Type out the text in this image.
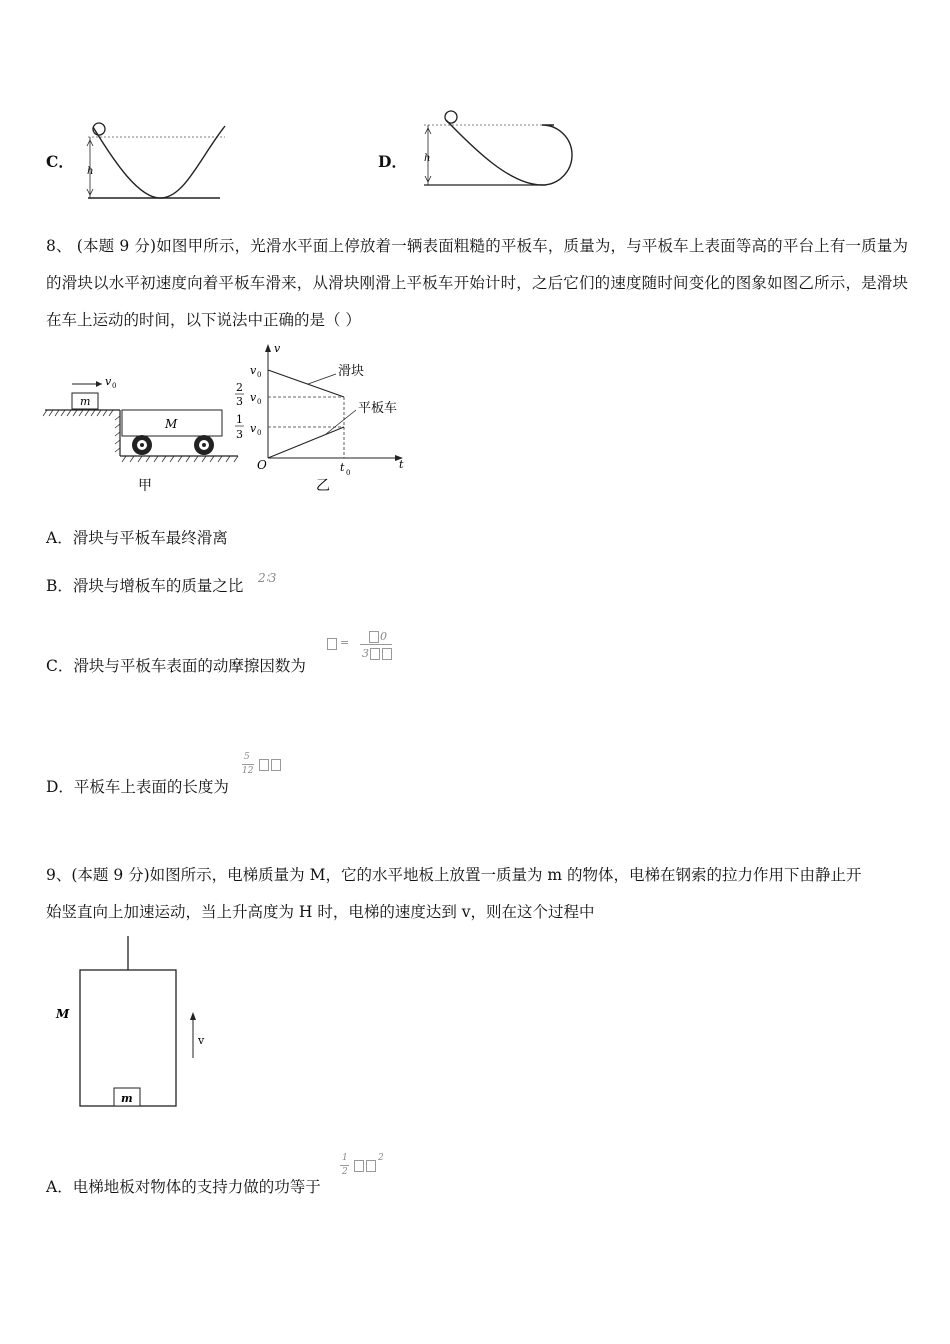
C．
h
D． h
8、 (本题 9 分)如图甲所示，光滑水平面上停放着一辆表面粗糙的平板车，质量为，与平板车上表面等高的平台上有一质量为的滑块以水平初速度向着平板车滑来，从滑块刚滑上平板车开始计时，之后它们的速度随时间变化的图象如图乙所示，是滑块在车上运动的时间，以下说法中正确的是（ ）
m
v 0
M
甲
v
t
O	t 0
v 0
2
3 v 0
1
3 v 0
滑块
平板车
乙
A．滑块与平板车最终滑离
B．滑块与增板车的质量之比 2∶3
C．滑块与平板车表面的动摩擦因数为
=	0
3
D．平板车上表面的长度为
5
12
9、(本题 9 分)如图所示，电梯质量为 M，它的水平地板上放置一质量为 m 的物体，电梯在钢索的拉力作用下由静止开
始竖直向上加速运动，当上升高度为 H 时，电梯的速度达到 v，则在这个过程中
m
M
v
A．电梯地板对物体的支持力做的功等于
1
2
2
